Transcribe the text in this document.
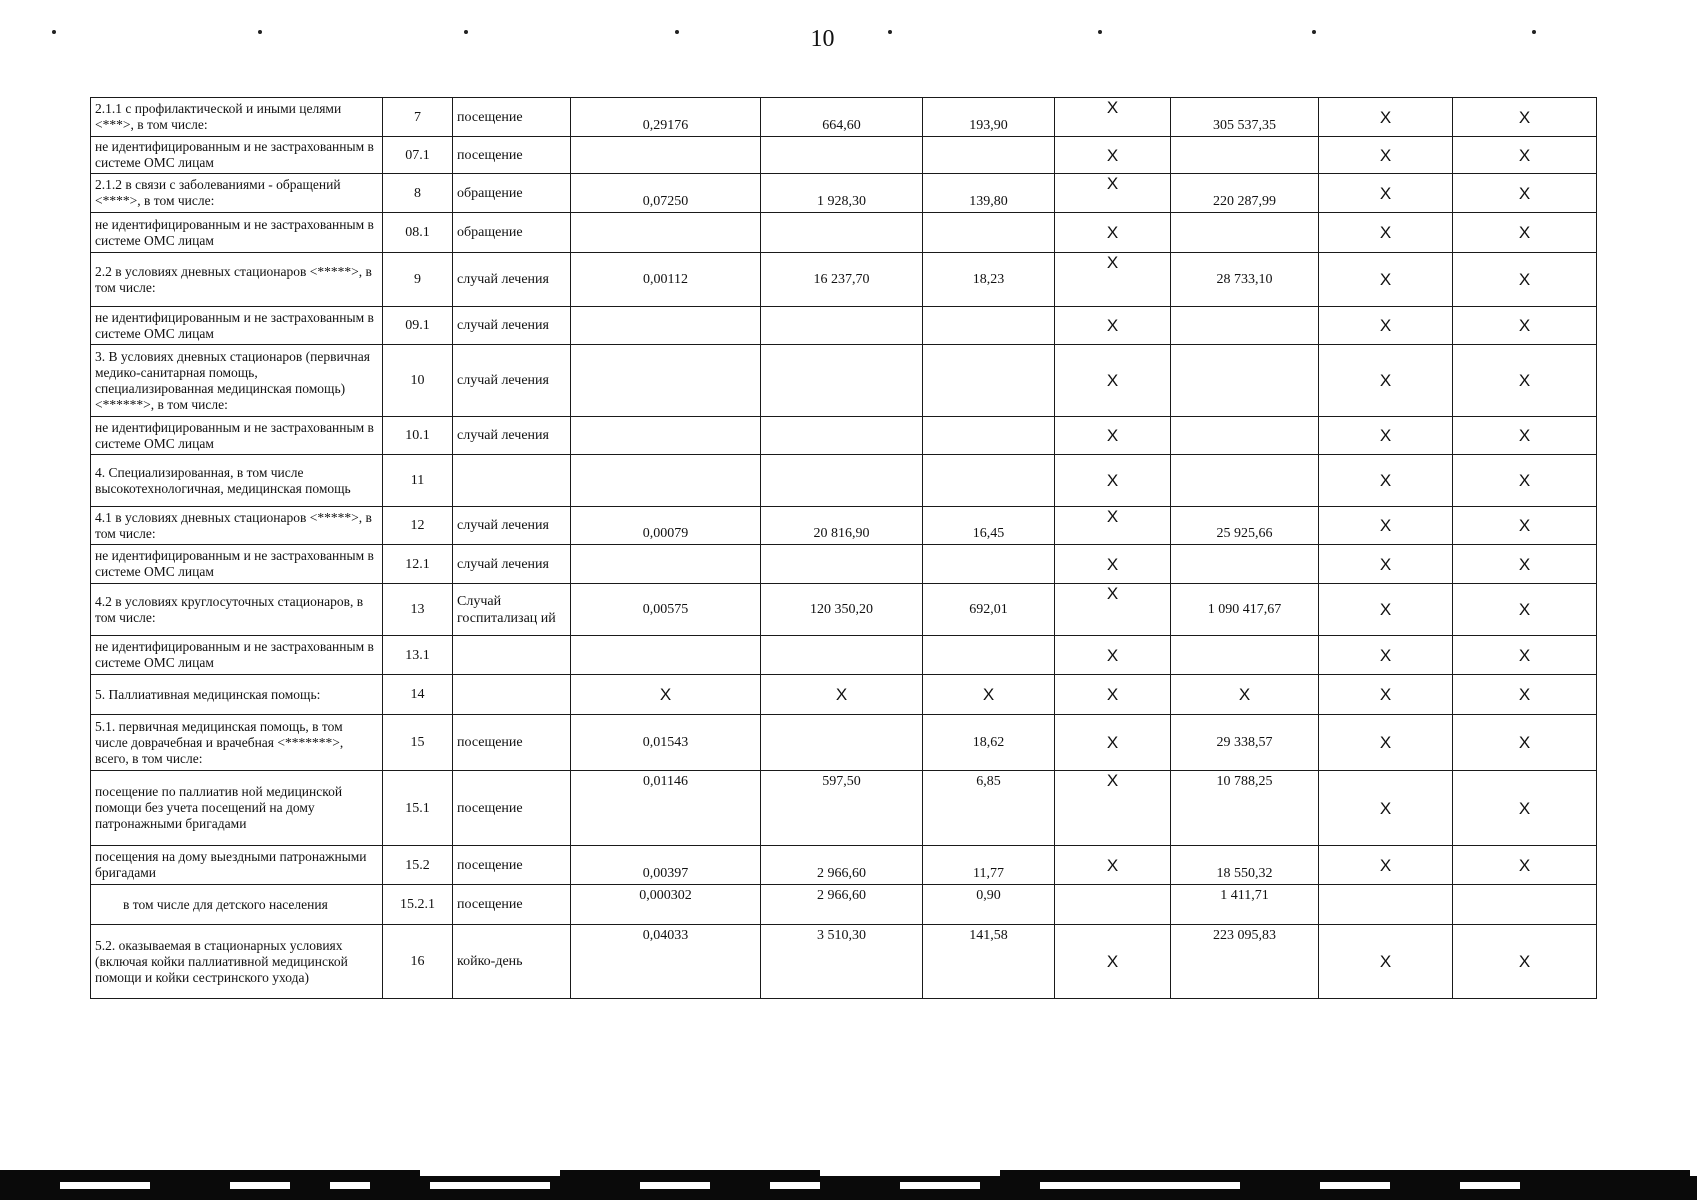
10
2.1.1 с профилактической и иными целями <***>, в том числе:	7	посещение	0,29176	664,60	193,90	X	305 537,35	X	X
не идентифицированным и не застрахованным в системе ОМС лицам	07.1	посещение				X		X	X
2.1.2 в связи с заболеваниями - обращений <****>, в том числе:	8	обращение	0,07250	1 928,30	139,80	X	220 287,99	X	X
не идентифицированным и не застрахованным в системе ОМС лицам	08.1	обращение				X		X	X
2.2 в условиях дневных стационаров <*****>, в том числе:	9	случай лечения	0,00112	16 237,70	18,23	X	28 733,10	X	X
не идентифицированным и не застрахованным в системе ОМС лицам	09.1	случай лечения				X		X	X
3. В условиях дневных стационаров (первичная медико-санитарная помощь, специализированная медицинская помощь) <******>, в том числе:	10	случай лечения				X		X	X
не идентифицированным и не застрахованным в системе ОМС лицам	10.1	случай лечения				X		X	X
4. Специализированная, в том числе высокотехнологичная, медицинская помощь	11					X		X	X
4.1 в условиях дневных стационаров <*****>, в том числе:	12	случай лечения	0,00079	20 816,90	16,45	X	25 925,66	X	X
не идентифицированным и не застрахованным в системе ОМС лицам	12.1	случай лечения				X		X	X
4.2 в условиях круглосуточных стационаров, в том числе:	13	Случай госпитализац ий	0,00575	120 350,20	692,01	X	1 090 417,67	X	X
не идентифицированным и не застрахованным в системе ОМС лицам	13.1					X		X	X
5. Паллиативная медицинская помощь:	14		X	X	X	X	X	X	X
5.1. первичная медицинская помощь, в том числе доврачебная и врачебная <*******>, всего, в том числе:	15	посещение	0,01543		18,62	X	29 338,57	X	X
посещение по паллиатив ной медицинской помощи без учета посещений на дому патронажными бригадами	15.1	посещение	0,01146	597,50	6,85	X	10 788,25	X	X
посещения на дому выездными патронажными бригадами	15.2	посещение	0,00397	2 966,60	11,77	X	18 550,32	X	X
в том числе для детского населения	15.2.1	посещение	0,000302	2 966,60	0,90		1 411,71		
5.2. оказываемая в стационарных условиях (включая койки паллиативной медицинской помощи и койки сестринского ухода)	16	койко-день	0,04033	3 510,30	141,58	X	223 095,83	X	X
